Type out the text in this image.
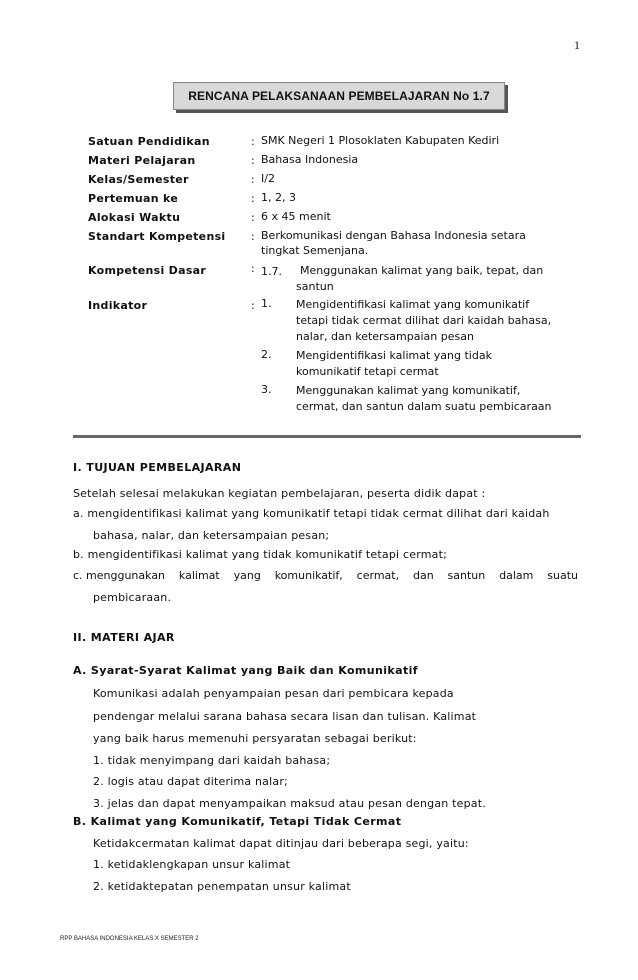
1
RENCANA PELAKSANAAN PEMBELAJARAN No 1.7
Satuan Pendidikan	: SMK Negeri 1 Plosoklaten Kabupaten Kediri
Materi Pelajaran	: Bahasa Indonesia
Kelas/Semester	: I/2
Pertemuan ke	: 1, 2, 3
Alokasi Waktu	: 6 x 45 menit
Standart Kompetensi : Berkomunikasi dengan Bahasa Indonesia setara
tingkat Semenjana.
Kompetensi Dasar	: 1.7. Menggunakan kalimat yang baik, tepat, dan
santun
Indikator	: 1. Mengidentifikasi kalimat yang komunikatif
tetapi tidak cermat dilihat dari kaidah bahasa,
nalar, dan ketersampaian pesan
2. Mengidentifikasi kalimat yang tidak
komunikatif tetapi cermat
3. Menggunakan kalimat yang komunikatif,
cermat, dan santun dalam suatu pembicaraan
I. TUJUAN PEMBELAJARAN
Setelah selesai melakukan kegiatan pembelajaran, peserta didik dapat :
a. mengidentifikasi kalimat yang komunikatif tetapi tidak cermat dilihat dari kaidah
bahasa, nalar, dan ketersampaian pesan;
b. mengidentifikasi kalimat yang tidak komunikatif tetapi cermat;
c. menggunakan kalimat yang komunikatif, cermat, dan santun dalam suatu
pembicaraan.
II. MATERI AJAR
A. Syarat-Syarat Kalimat yang Baik dan Komunikatif
Komunikasi adalah penyampaian pesan dari pembicara kepada
pendengar melalui sarana bahasa secara lisan dan tulisan. Kalimat
yang baik harus memenuhi persyaratan sebagai berikut:
1. tidak menyimpang dari kaidah bahasa;
2. logis atau dapat diterima nalar;
3. jelas dan dapat menyampaikan maksud atau pesan dengan tepat.
B. Kalimat yang Komunikatif, Tetapi Tidak Cermat
Ketidakcermatan kalimat dapat ditinjau dari beberapa segi, yaitu:
1. ketidaklengkapan unsur kalimat
2. ketidaktepatan penempatan unsur kalimat
RPP BAHASA INDONESIA KELAS X SEMESTER 2
